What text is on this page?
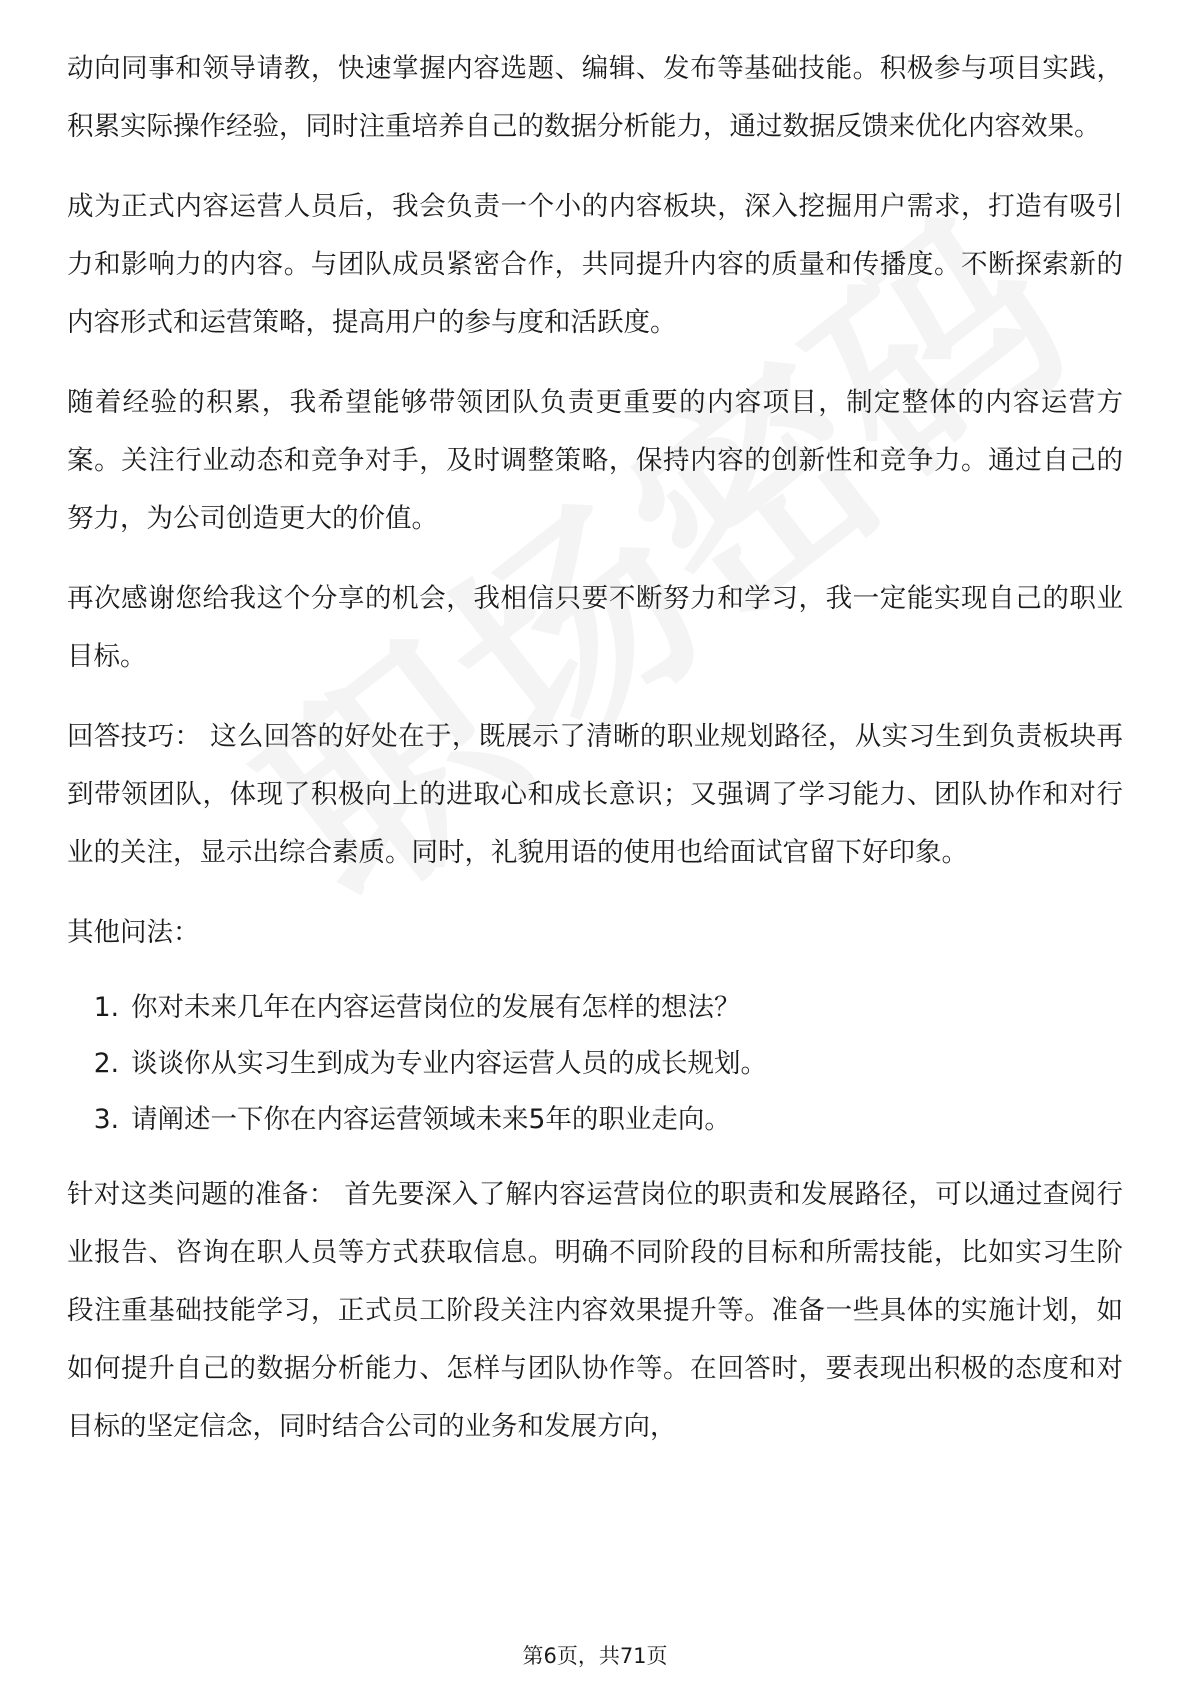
动向同事和领导请教，快速掌握内容选题、编辑、发布等基础技能。积极参与项目实践，积累实际操作经验，同时注重培养自己的数据分析能力，通过数据反馈来优化内容效果。

成为正式内容运营人员后，我会负责一个小的内容板块，深入挖掘用户需求，打造有吸引力和影响力的内容。与团队成员紧密合作，共同提升内容的质量和传播度。不断探索新的内容形式和运营策略，提高用户的参与度和活跃度。

随着经验的积累，我希望能够带领团队负责更重要的内容项目，制定整体的内容运营方案。关注行业动态和竞争对手，及时调整策略，保持内容的创新性和竞争力。通过自己的努力，为公司创造更大的价值。

再次感谢您给我这个分享的机会，我相信只要不断努力和学习，我一定能实现自己的职业目标。

回答技巧： 这么回答的好处在于，既展示了清晰的职业规划路径，从实习生到负责板块再到带领团队，体现了积极向上的进取心和成长意识；又强调了学习能力、团队协作和对行业的关注，显示出综合素质。同时，礼貌用语的使用也给面试官留下好印象。

其他问法：

1. 你对未来几年在内容运营岗位的发展有怎样的想法？
2. 谈谈你从实习生到成为专业内容运营人员的成长规划。
3. 请阐述一下你在内容运营领域未来5年的职业走向。

针对这类问题的准备： 首先要深入了解内容运营岗位的职责和发展路径，可以通过查阅行业报告、咨询在职人员等方式获取信息。明确不同阶段的目标和所需技能，比如实习生阶段注重基础技能学习，正式员工阶段关注内容效果提升等。准备一些具体的实施计划，如如何提升自己的数据分析能力、怎样与团队协作等。在回答时，要表现出积极的态度和对目标的坚定信念，同时结合公司的业务和发展方向，

第6页，共71页
